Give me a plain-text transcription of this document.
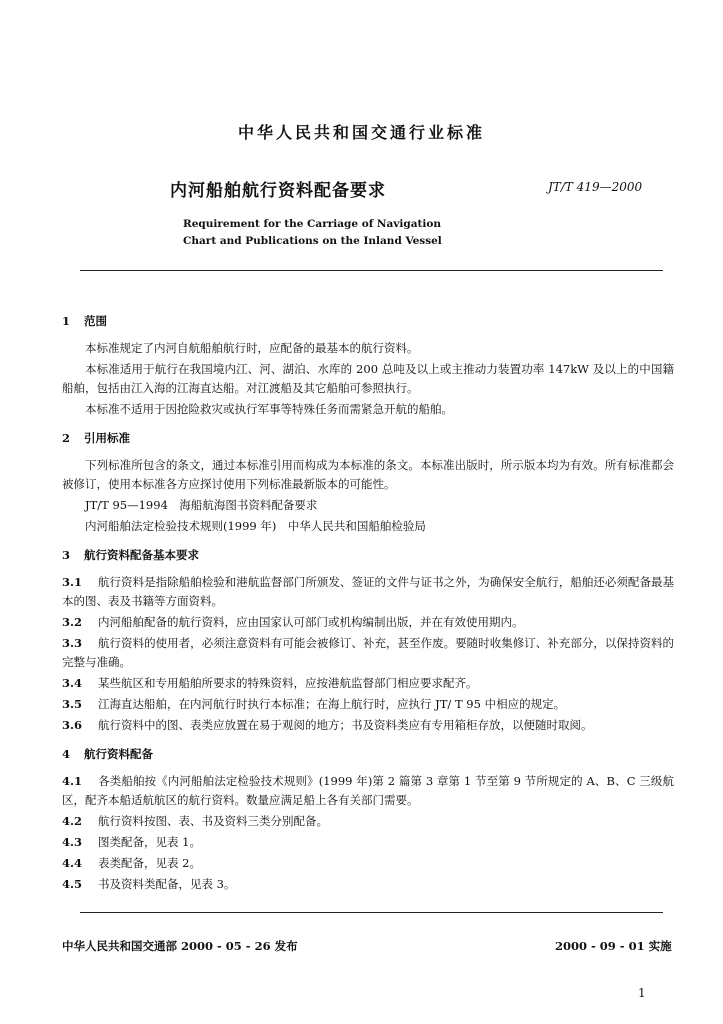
中华人民共和国交通行业标准
内河船舶航行资料配备要求	JT/T 419—2000
Requirement for the Carriage of Navigation
Chart and Publications on the Inland Vessel
1 范围

本标准规定了内河自航船舶航行时，应配备的最基本的航行资料。

本标准适用于航行在我国境内江、河、湖泊、水库的 200 总吨及以上或主推动力装置功率 147kW 及以上的中国籍船舶，包括由江入海的江海直达船。对江渡船及其它船舶可参照执行。

本标准不适用于因抢险救灾或执行军事等特殊任务而需紧急开航的船舶。

2 引用标准

下列标准所包含的条文，通过本标准引用而构成为本标准的条文。本标准出版时，所示版本均为有效。所有标准都会被修订，使用本标准各方应探讨使用下列标准最新版本的可能性。

JT/T 95—1994　海船航海图书资料配备要求

内河船舶法定检验技术规则(1999 年)　中华人民共和国船舶检验局

3 航行资料配备基本要求

3.1 航行资料是指除船舶检验和港航监督部门所颁发、签证的文件与证书之外，为确保安全航行，船舶还必须配备最基本的图、表及书籍等方面资料。

3.2 内河船舶配备的航行资料，应由国家认可部门或机构编制出版，并在有效使用期内。

3.3 航行资料的使用者，必须注意资料有可能会被修订、补充，甚至作废。要随时收集修订、补充部分，以保持资料的完整与准确。

3.4 某些航区和专用船舶所要求的特殊资料，应按港航监督部门相应要求配齐。

3.5 江海直达船舶，在内河航行时执行本标准；在海上航行时，应执行 JT/ T 95 中相应的规定。

3.6 航行资料中的图、表类应放置在易于观阅的地方；书及资料类应有专用箱柜存放，以便随时取阅。

4 航行资料配备

4.1 各类船舶按《内河船舶法定检验技术规则》(1999 年)第 2 篇第 3 章第 1 节至第 9 节所规定的 A、B、C 三级航区，配齐本船适航航区的航行资料。数量应满足船上各有关部门需要。

4.2 航行资料按图、表、书及资料三类分别配备。

4.3 图类配备，见表 1。

4.4 表类配备，见表 2。

4.5 书及资料类配备，见表 3。

中华人民共和国交通部 2000 - 05 - 26 发布	2000 - 09 - 01 实施
1
